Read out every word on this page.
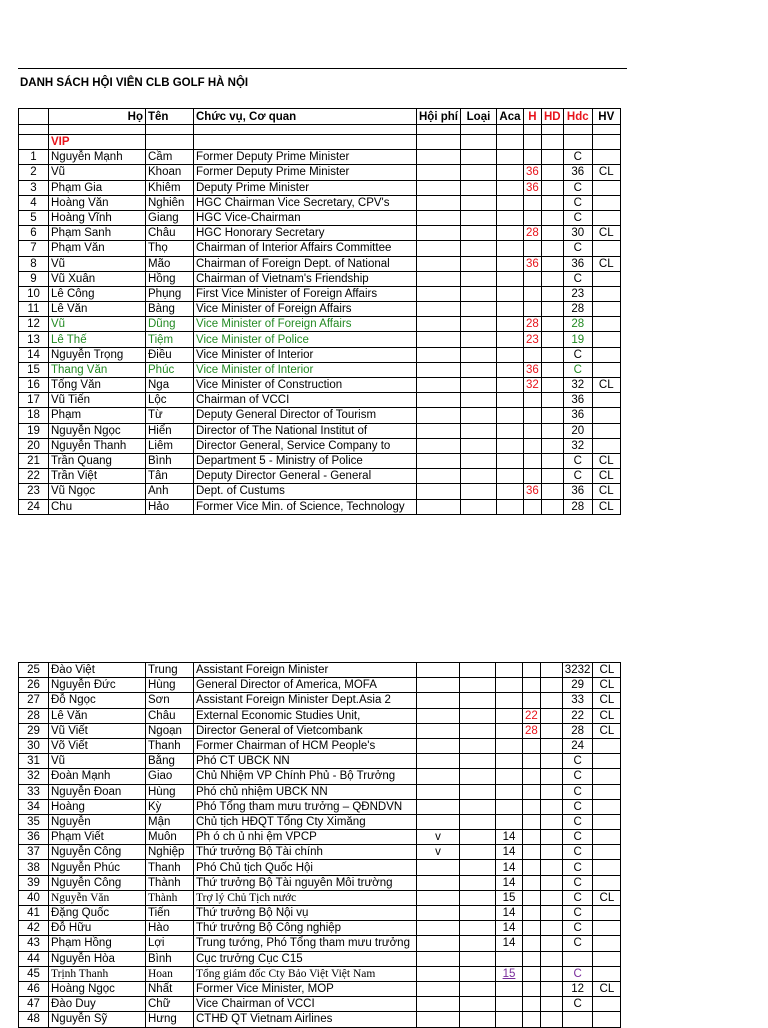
DANH SÁCH HỘI VIÊN CLB GOLF HÀ NỘI
	Họ	Tên	Chức vụ, Cơ quan	Hội phí	Loại	Aca	H	HD	Hdc	HV

	VIP									
1	Nguyễn Mạnh	Cầm	Former Deputy Prime Minister						C	
2	Vũ	Khoan	Former Deputy Prime Minister				36		36	CL
3	Phạm Gia	Khiêm	Deputy Prime Minister				36		C	
4	Hoàng Văn	Nghiên	HGC Chairman Vice Secretary, CPV's						C	
5	Hoàng Vĩnh	Giang	HGC Vice-Chairman						C	
6	Phạm Sanh	Châu	HGC Honorary Secretary				28		30	CL
7	Phạm Văn	Thọ	Chairman of Interior Affairs Committee						C	
8	Vũ	Mão	Chairman of Foreign Dept. of National				36		36	CL
9	Vũ Xuân	Hồng	Chairman of Vietnam's Friendship						C	
10	Lê Công	Phụng	First Vice Minister of Foreign Affairs						23	
11	Lê Văn	Bàng	Vice Minister of Foreign Affairs						28	
12	Vũ	Dũng	Vice Minister of Foreign Affairs				28		28	
13	Lê Thế	Tiệm	Vice Minister of Police				23		19	
14	Nguyễn Trọng	Điều	Vice Minister of Interior						C	
15	Thang Văn	Phúc	Vice Minister of Interior				36		C	
16	Tống Văn	Nga	Vice Minister of Construction				32		32	CL
17	Vũ Tiến	Lộc	Chairman of VCCI						36	
18	Phạm	Từ	Deputy General Director of Tourism						36	
19	Nguyễn Ngọc	Hiển	Director of The National Institut of						20	
20	Nguyễn Thanh	Liêm	Director General, Service Company to						32	
21	Trần Quang	Bình	Department 5 - Ministry of Police						C	CL
22	Trần Việt	Tân	Deputy Director General - General						C	CL
23	Vũ Ngọc	Anh	Dept. of Custums				36		36	CL
24	Chu	Hảo	Former Vice Min. of Science, Technology						28	CL
25	Đào Việt	Trung	Assistant Foreign Minister						3232	CL
26	Nguyễn Đức	Hùng	General Director of America, MOFA						29	CL
27	Đỗ Ngọc	Sơn	Assistant Foreign Minister Dept.Asia 2						33	CL
28	Lê Văn	Châu	External Economic Studies Unit,				22		22	CL
29	Vũ Viết	Ngoạn	Director General of Vietcombank				28		28	CL
30	Võ Viết	Thanh	Former Chairman of HCM People's						24	
31	Vũ	Bằng	Phó CT UBCK NN						C	
32	Đoàn Mạnh	Giao	Chủ Nhiệm VP Chính Phủ - Bộ Trưởng						C	
33	Nguyễn Đoan	Hùng	Phó chủ nhiệm UBCK NN						C	
34	Hoàng	Kỳ	Phó Tổng tham mưu trưởng – QĐNDVN						C	
35	Nguyễn	Mận	Chủ tịch HĐQT Tổng Cty Ximăng						C	
36	Phạm Viết	Muôn	Ph ó ch ủ nhi ệm VPCP	v		14			C	
37	Nguyễn Công	Nghiệp	Thứ trưởng Bộ Tài chính	v		14			C	
38	Nguyễn Phúc	Thanh	Phó Chủ tịch Quốc Hội			14			C	
39	Nguyễn Công	Thành	Thứ trưởng Bộ Tài nguyên Môi trường			14			C	
40	Nguyễn Văn	Thành	Trợ lý Chủ Tịch nước			15			C	CL
41	Đặng Quốc	Tiến	Thứ trưởng Bộ Nội vụ			14			C	
42	Đỗ Hữu	Hào	Thứ trưởng Bộ Công nghiệp			14			C	
43	Phạm Hồng	Lợi	Trung tướng, Phó Tổng tham mưu trưởng			14			C	
44	Nguyễn Hòa	Bình	Cục trưởng Cục C15							
45	Trịnh Thanh	Hoan	Tổng giám đốc Cty Bảo Việt Việt Nam			15			C	
46	Hoàng Ngọc	Nhất	Former Vice Minister, MOP						12	CL
47	Đào Duy	Chữ	Vice Chairman of VCCI						C	
48	Nguyễn Sỹ	Hưng	CTHĐ QT Vietnam Airlines							
